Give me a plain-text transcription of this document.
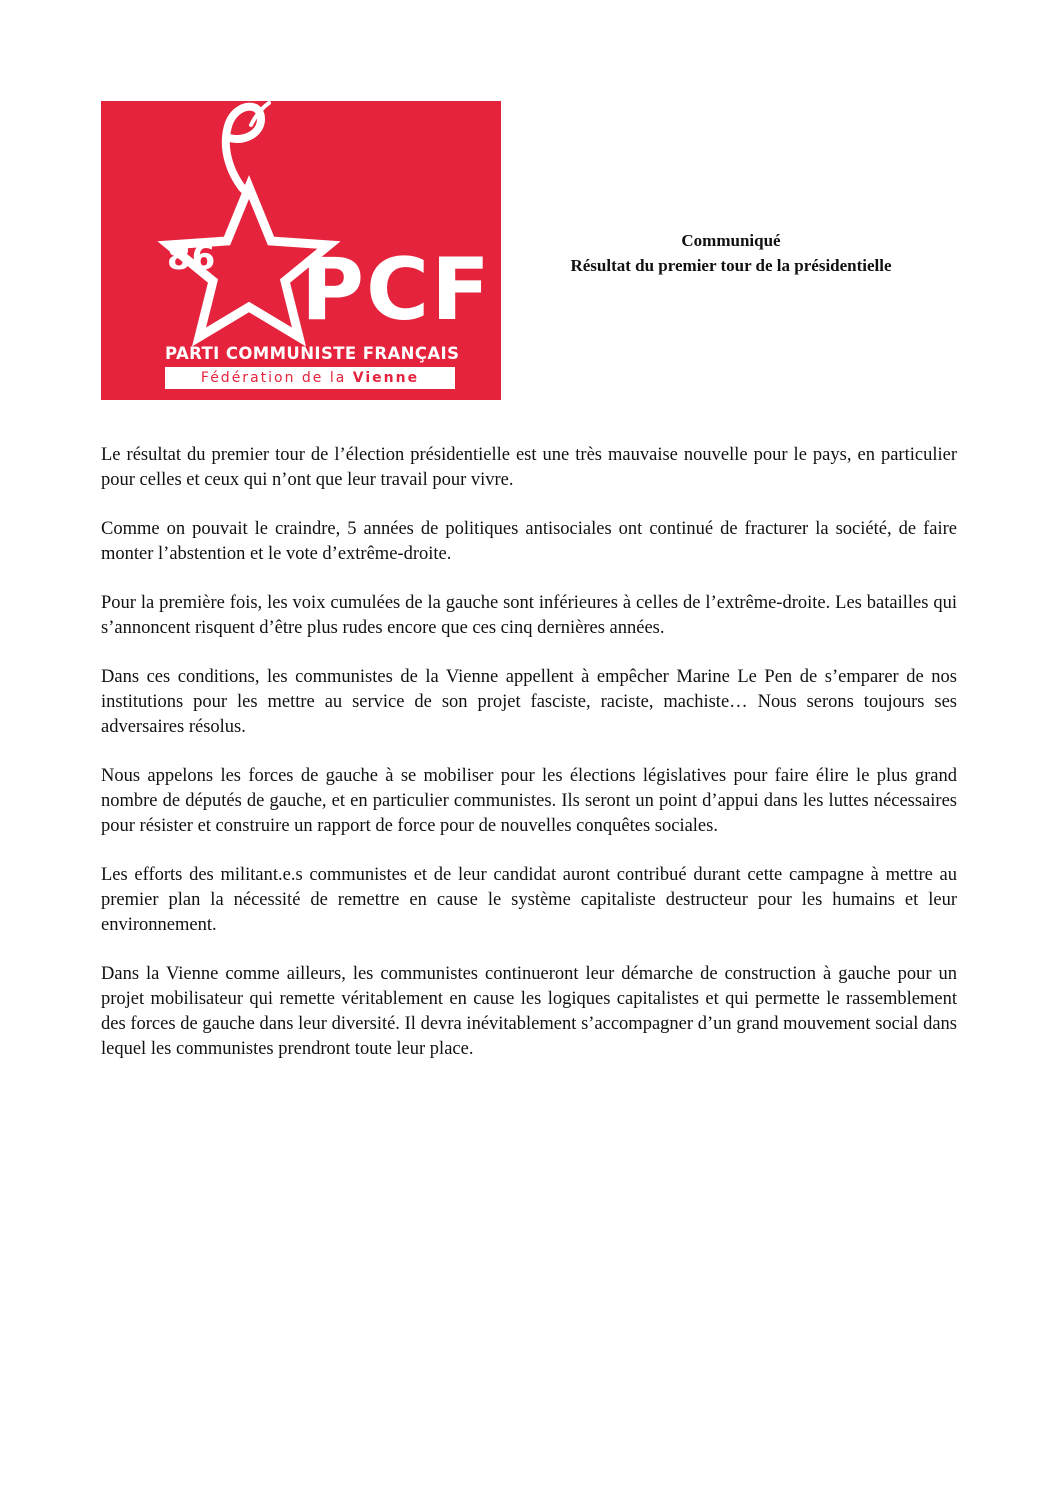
86 PCF
PARTI COMMUNISTE FRANÇAIS
Fédération de la Vienne
Communiqué
Résultat du premier tour de la présidentielle

Le résultat du premier tour de l’élection présidentielle est une très mauvaise nouvelle pour le pays, en particulier pour celles et ceux qui n’ont que leur travail pour vivre.

Comme on pouvait le craindre, 5 années de politiques antisociales ont continué de fracturer la société, de faire monter l’abstention et le vote d’extrême-droite.

Pour la première fois, les voix cumulées de la gauche sont inférieures à celles de l’extrême-droite. Les batailles qui s’annoncent risquent d’être plus rudes encore que ces cinq dernières années.

Dans ces conditions, les communistes de la Vienne appellent à empêcher Marine Le Pen de s’emparer de nos institutions pour les mettre au service de son projet fasciste, raciste, machiste… Nous serons toujours ses adversaires résolus.

Nous appelons les forces de gauche à se mobiliser pour les élections législatives pour faire élire le plus grand nombre de députés de gauche, et en particulier communistes. Ils seront un point d’appui dans les luttes nécessaires pour résister et construire un rapport de force pour de nouvelles conquêtes sociales.

Les efforts des militant.e.s communistes et de leur candidat auront contribué durant cette campagne à mettre au premier plan la nécessité de remettre en cause le système capitaliste destructeur pour les humains et leur environnement.

Dans la Vienne comme ailleurs, les communistes continueront leur démarche de construction à gauche pour un projet mobilisateur qui remette véritablement en cause les logiques capitalistes et qui permette le rassemblement des forces de gauche dans leur diversité. Il devra inévitablement s’accompagner d’un grand mouvement social dans lequel les communistes prendront toute leur place.
